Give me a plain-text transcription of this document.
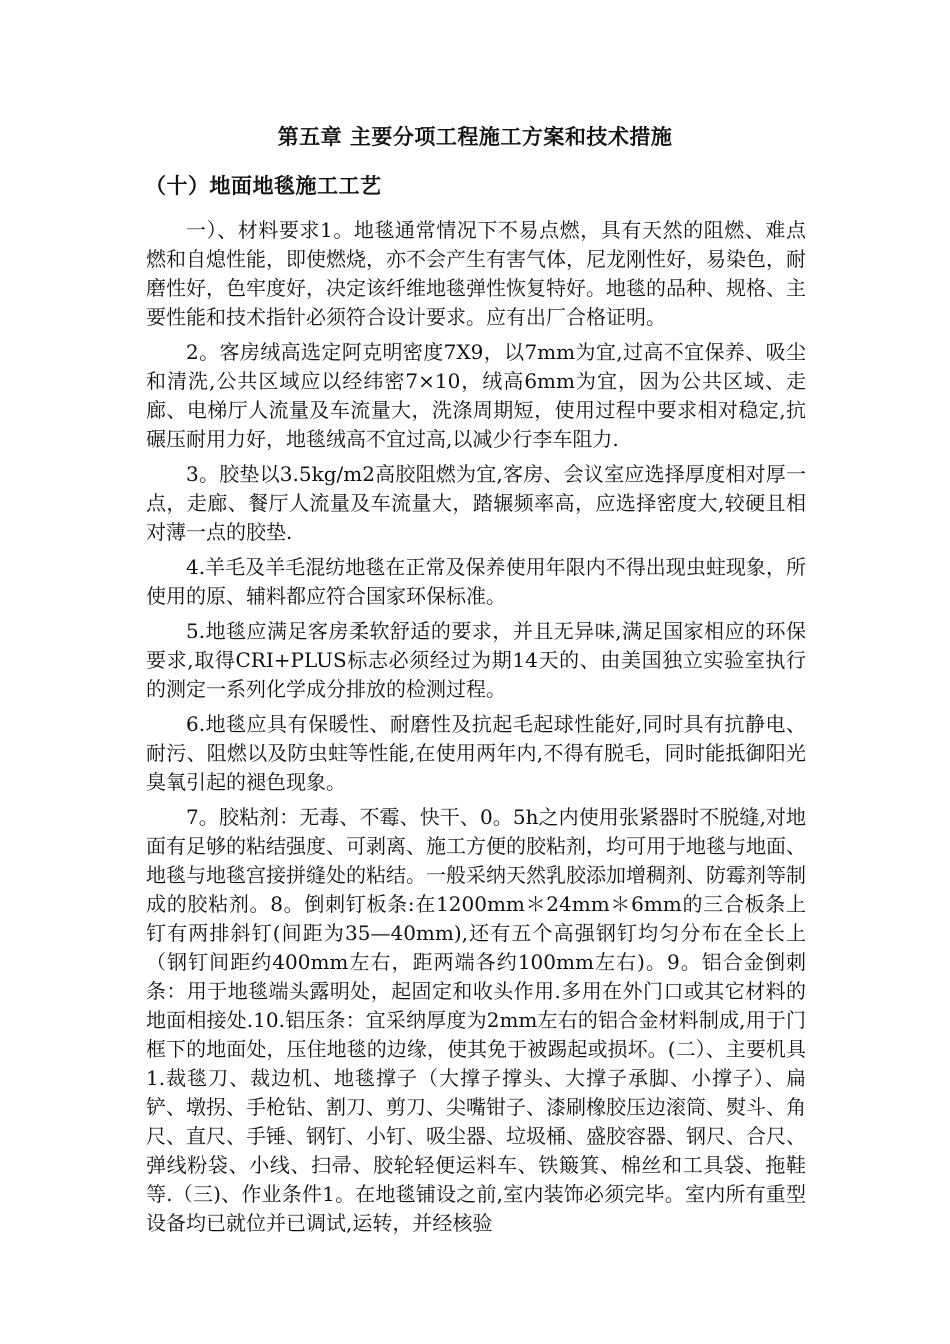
第五章 主要分项工程施工方案和技术措施
（十）地面地毯施工工艺

一）、材料要求1。地毯通常情况下不易点燃，具有天然的阻燃、难点燃和自熄性能，即使燃烧，亦不会产生有害气体，尼龙刚性好，易染色，耐磨性好，色牢度好，决定该纤维地毯弹性恢复特好。地毯的品种、规格、主要性能和技术指针必须符合设计要求。应有出厂合格证明。

2。客房绒高选定阿克明密度7X9，以7mm为宜,过高不宜保养、吸尘和清洗,公共区域应以经纬密7×10，绒高6mm为宜，因为公共区域、走廊、电梯厅人流量及车流量大，洗涤周期短，使用过程中要求相对稳定,抗碾压耐用力好，地毯绒高不宜过高,以减少行李车阻力.

3。胶垫以3.5kg/m2高胶阻燃为宜,客房、会议室应选择厚度相对厚一点，走廊、餐厅人流量及车流量大，踏辗频率高，应选择密度大,较硬且相对薄一点的胶垫.

4.羊毛及羊毛混纺地毯在正常及保养使用年限内不得出现虫蛀现象，所使用的原、辅料都应符合国家环保标准。

5.地毯应满足客房柔软舒适的要求，并且无异味,满足国家相应的环保要求,取得CRI+PLUS标志必须经过为期14天的、由美国独立实验室执行的测定一系列化学成分排放的检测过程。

6.地毯应具有保暖性、耐磨性及抗起毛起球性能好,同时具有抗静电、耐污、阻燃以及防虫蛀等性能,在使用两年内,不得有脱毛，同时能抵御阳光臭氧引起的褪色现象。

7。胶粘剂：无毒、不霉、快干、0。5h之内使用张紧器时不脱缝,对地面有足够的粘结强度、可剥离、施工方便的胶粘剂，均可用于地毯与地面、地毯与地毯宫接拼缝处的粘结。一般采纳天然乳胶添加增稠剂、防霉剂等制成的胶粘剂。8。倒刺钉板条:在1200mm＊24mm＊6mm的三合板条上钉有两排斜钉(间距为35—40mm),还有五个高强钢钉均匀分布在全长上（钢钉间距约400mm左右，距两端各约100mm左右)。9。铝合金倒刺条：用于地毯端头露明处，起固定和收头作用.多用在外门口或其它材料的地面相接处.10.铝压条：宜采纳厚度为2mm左右的铝合金材料制成,用于门框下的地面处，压住地毯的边缘，使其免于被踢起或损坏。(二）、主要机具1.裁毯刀、裁边机、地毯撑子（大撑子撑头、大撑子承脚、小撑子）、扁铲、墩拐、手枪钻、割刀、剪刀、尖嘴钳子、漆刷橡胶压边滚筒、熨斗、角尺、直尺、手锤、钢钉、小钉、吸尘器、垃圾桶、盛胶容器、钢尺、合尺、弹线粉袋、小线、扫帚、胶轮轻便运料车、铁簸箕、棉丝和工具袋、拖鞋等.（三)、作业条件1。在地毯铺设之前,室内装饰必须完毕。室内所有重型设备均已就位并已调试,运转，并经核验
